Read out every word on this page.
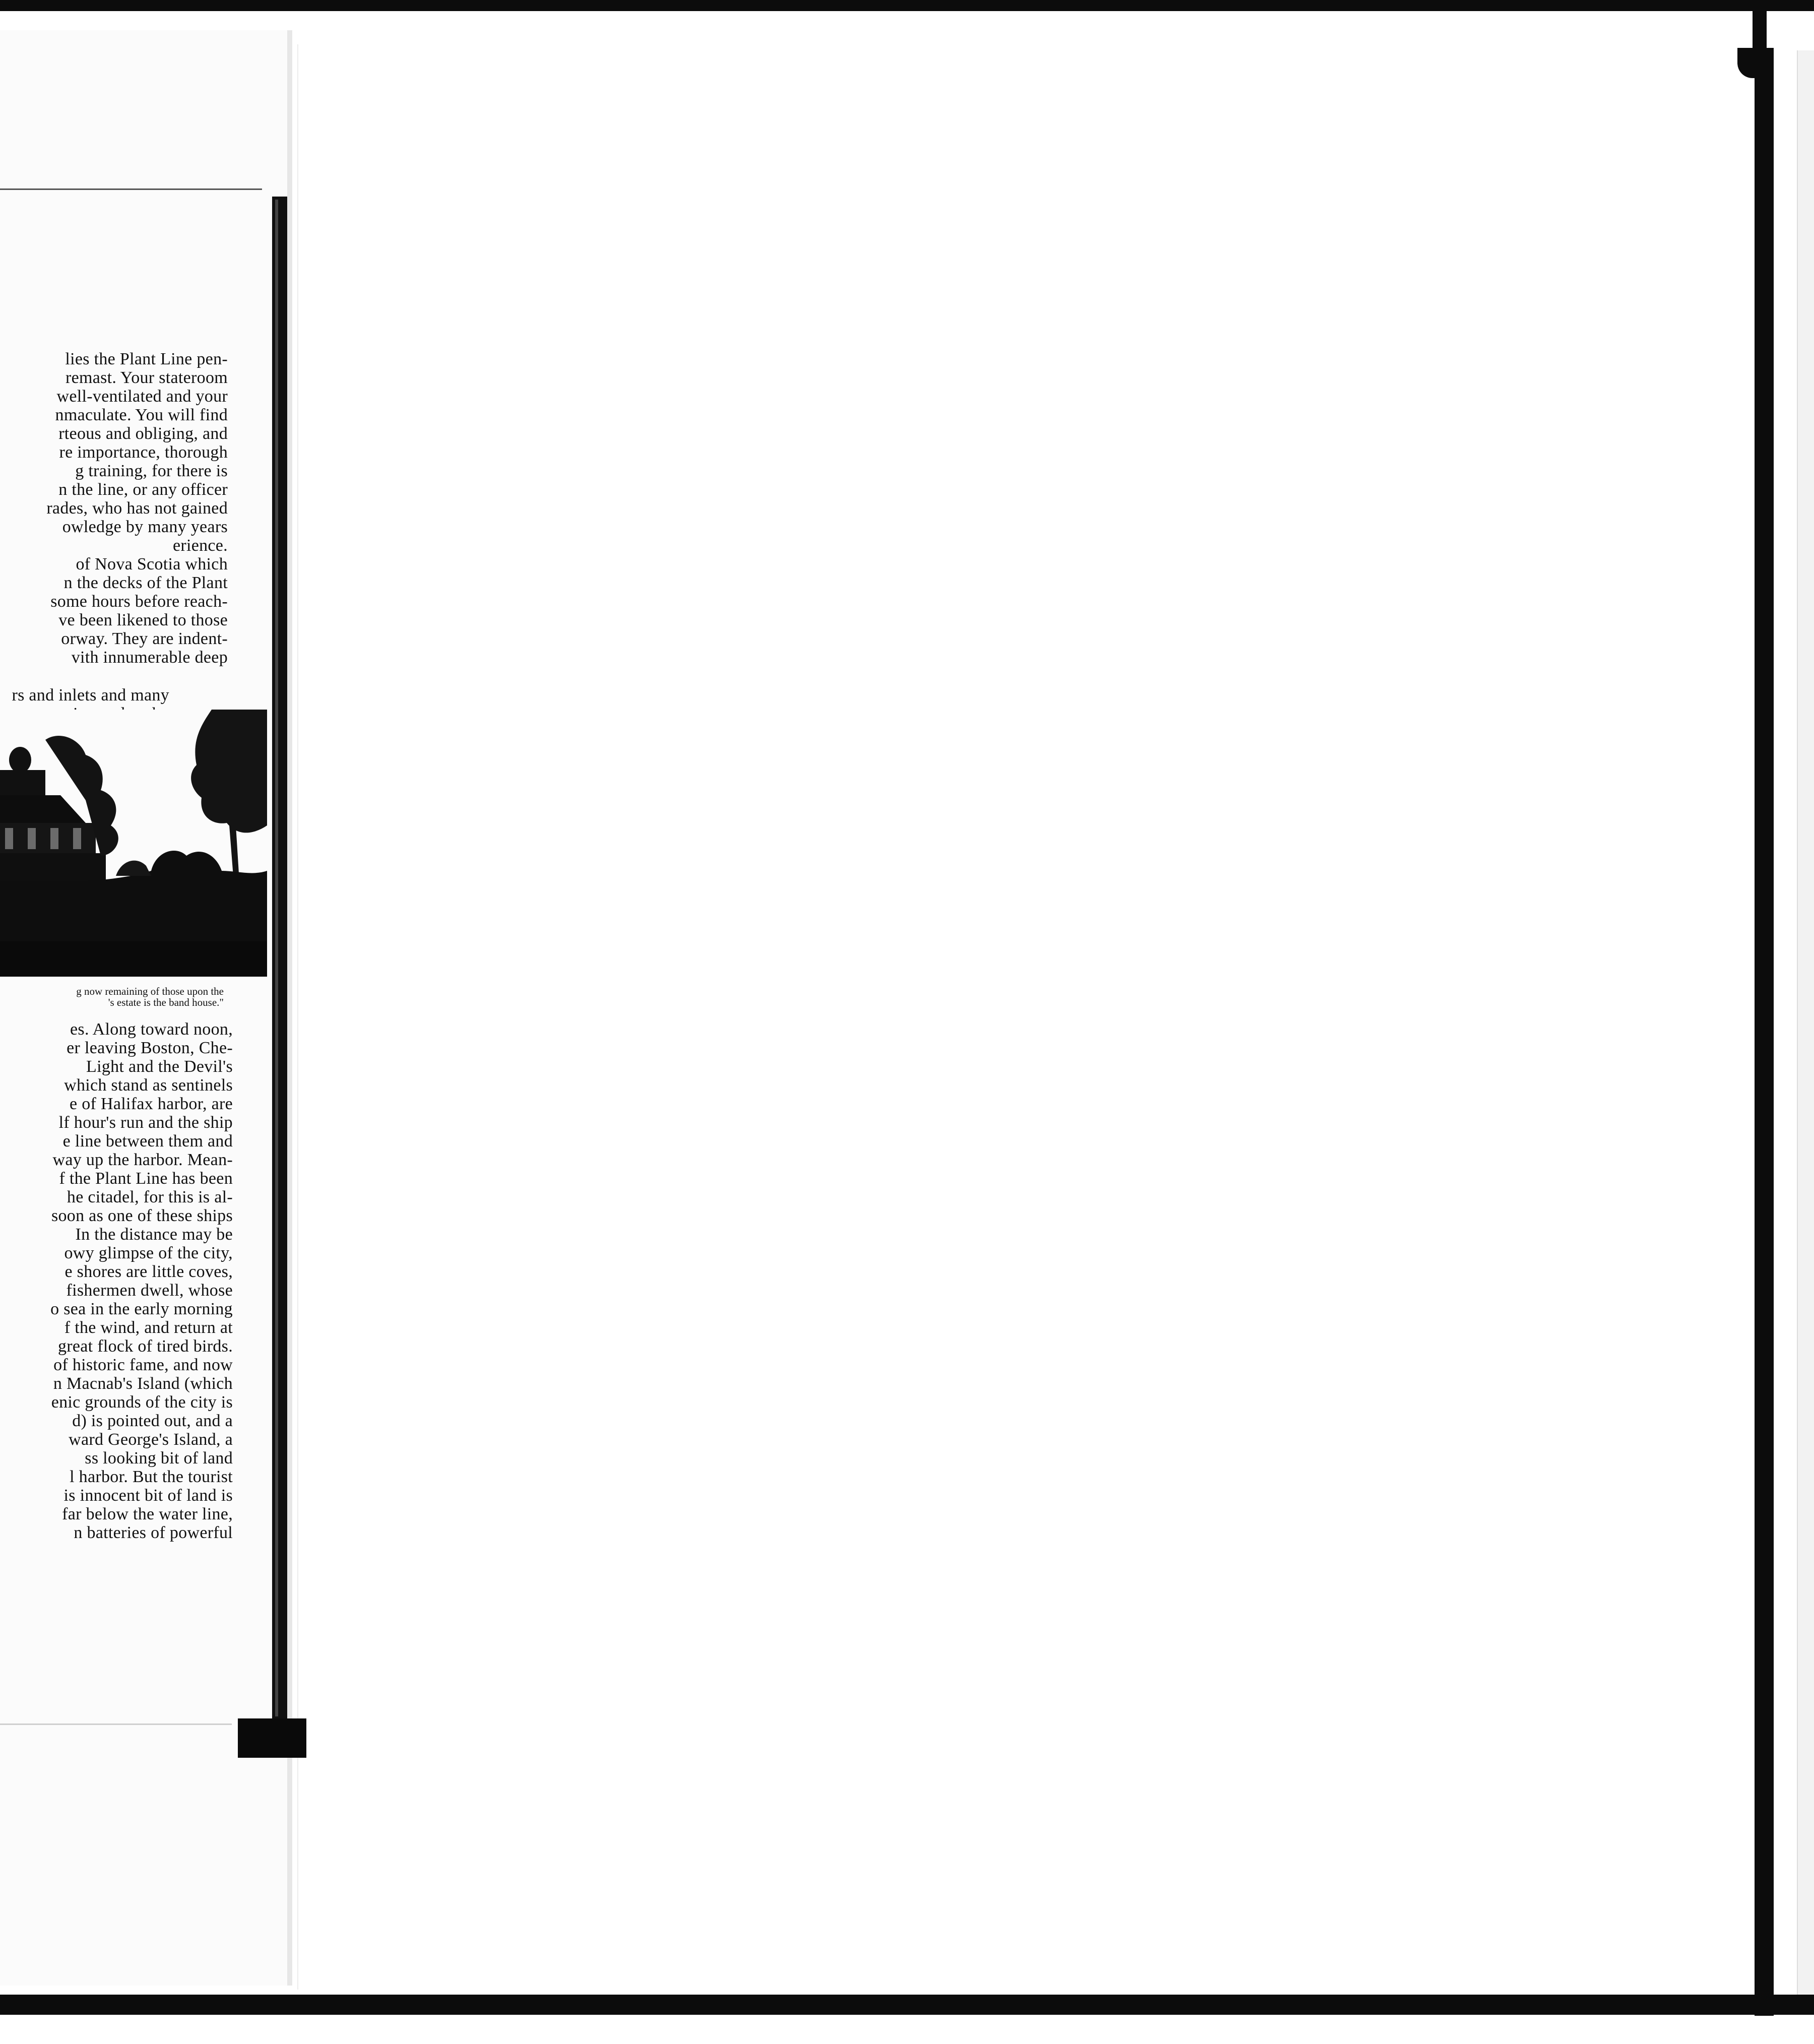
lies the Plant Line pen-
remast. Your stateroom
well-ventilated and your
nmaculate. You will find
rteous and obliging, and
re importance, thorough
g training, for there is
n the line, or any officer
rades, who has not gained
owledge by many years
erience.
of Nova Scotia which
n the decks of the Plant
some hours before reach-
ve been likened to those
orway. They are indent-
vith innumerable deep
rs and inlets and many
g now remaining of those upon the
's estate is the band house."
es. Along toward noon,
er leaving Boston, Che-
Light and the Devil's
which stand as sentinels
e of Halifax harbor, are
lf hour's run and the ship
e line between them and
way up the harbor. Mean-
f the Plant Line has been
he citadel, for this is al-
soon as one of these ships
In the distance may be
owy glimpse of the city,
e shores are little coves,
fishermen dwell, whose
o sea in the early morning
f the wind, and return at
great flock of tired birds.
of historic fame, and now
n Macnab's Island (which
enic grounds of the city is
d) is pointed out, and a
ward George's Island, a
ss looking bit of land
l harbor. But the tourist
is innocent bit of land is
far below the water line,
n batteries of powerful
